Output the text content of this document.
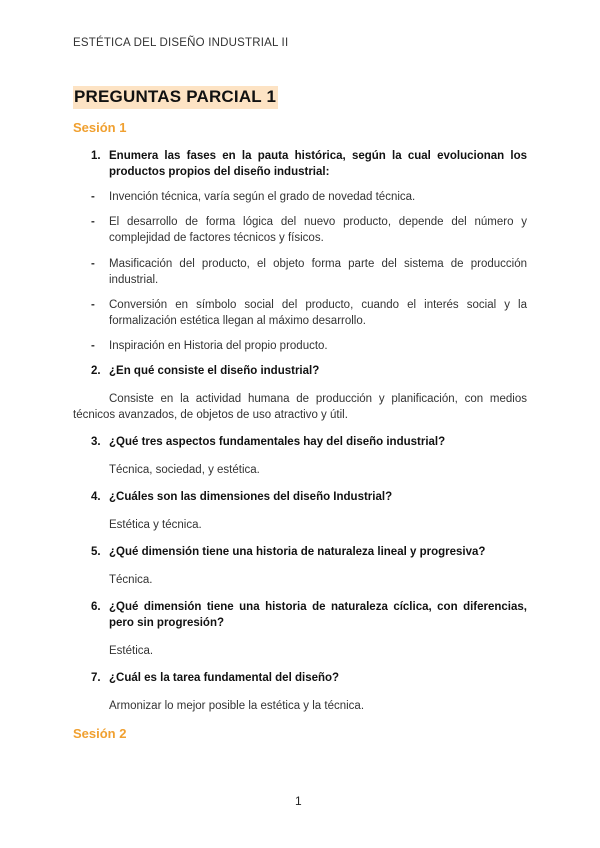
ESTÉTICA DEL DISEÑO INDUSTRIAL II
PREGUNTAS PARCIAL 1
Sesión 1
1. Enumera las fases en la pauta histórica, según la cual evolucionan los productos propios del diseño industrial:
- Invención técnica, varía según el grado de novedad técnica.
- El desarrollo de forma lógica del nuevo producto, depende del número y complejidad de factores técnicos y físicos.
- Masificación del producto, el objeto forma parte del sistema de producción industrial.
- Conversión en símbolo social del producto, cuando el interés social y la formalización estética llegan al máximo desarrollo.
- Inspiración en Historia del propio producto.
2. ¿En qué consiste el diseño industrial?
Consiste en la actividad humana de producción y planificación, con medios técnicos avanzados, de objetos de uso atractivo y útil.
3. ¿Qué tres aspectos fundamentales hay del diseño industrial?
Técnica, sociedad, y estética.
4. ¿Cuáles son las dimensiones del diseño Industrial?
Estética y técnica.
5. ¿Qué dimensión tiene una historia de naturaleza lineal y progresiva?
Técnica.
6. ¿Qué dimensión tiene una historia de naturaleza cíclica, con diferencias, pero sin progresión?
Estética.
7. ¿Cuál es la tarea fundamental del diseño?
Armonizar lo mejor posible la estética y la técnica.
Sesión 2
1
